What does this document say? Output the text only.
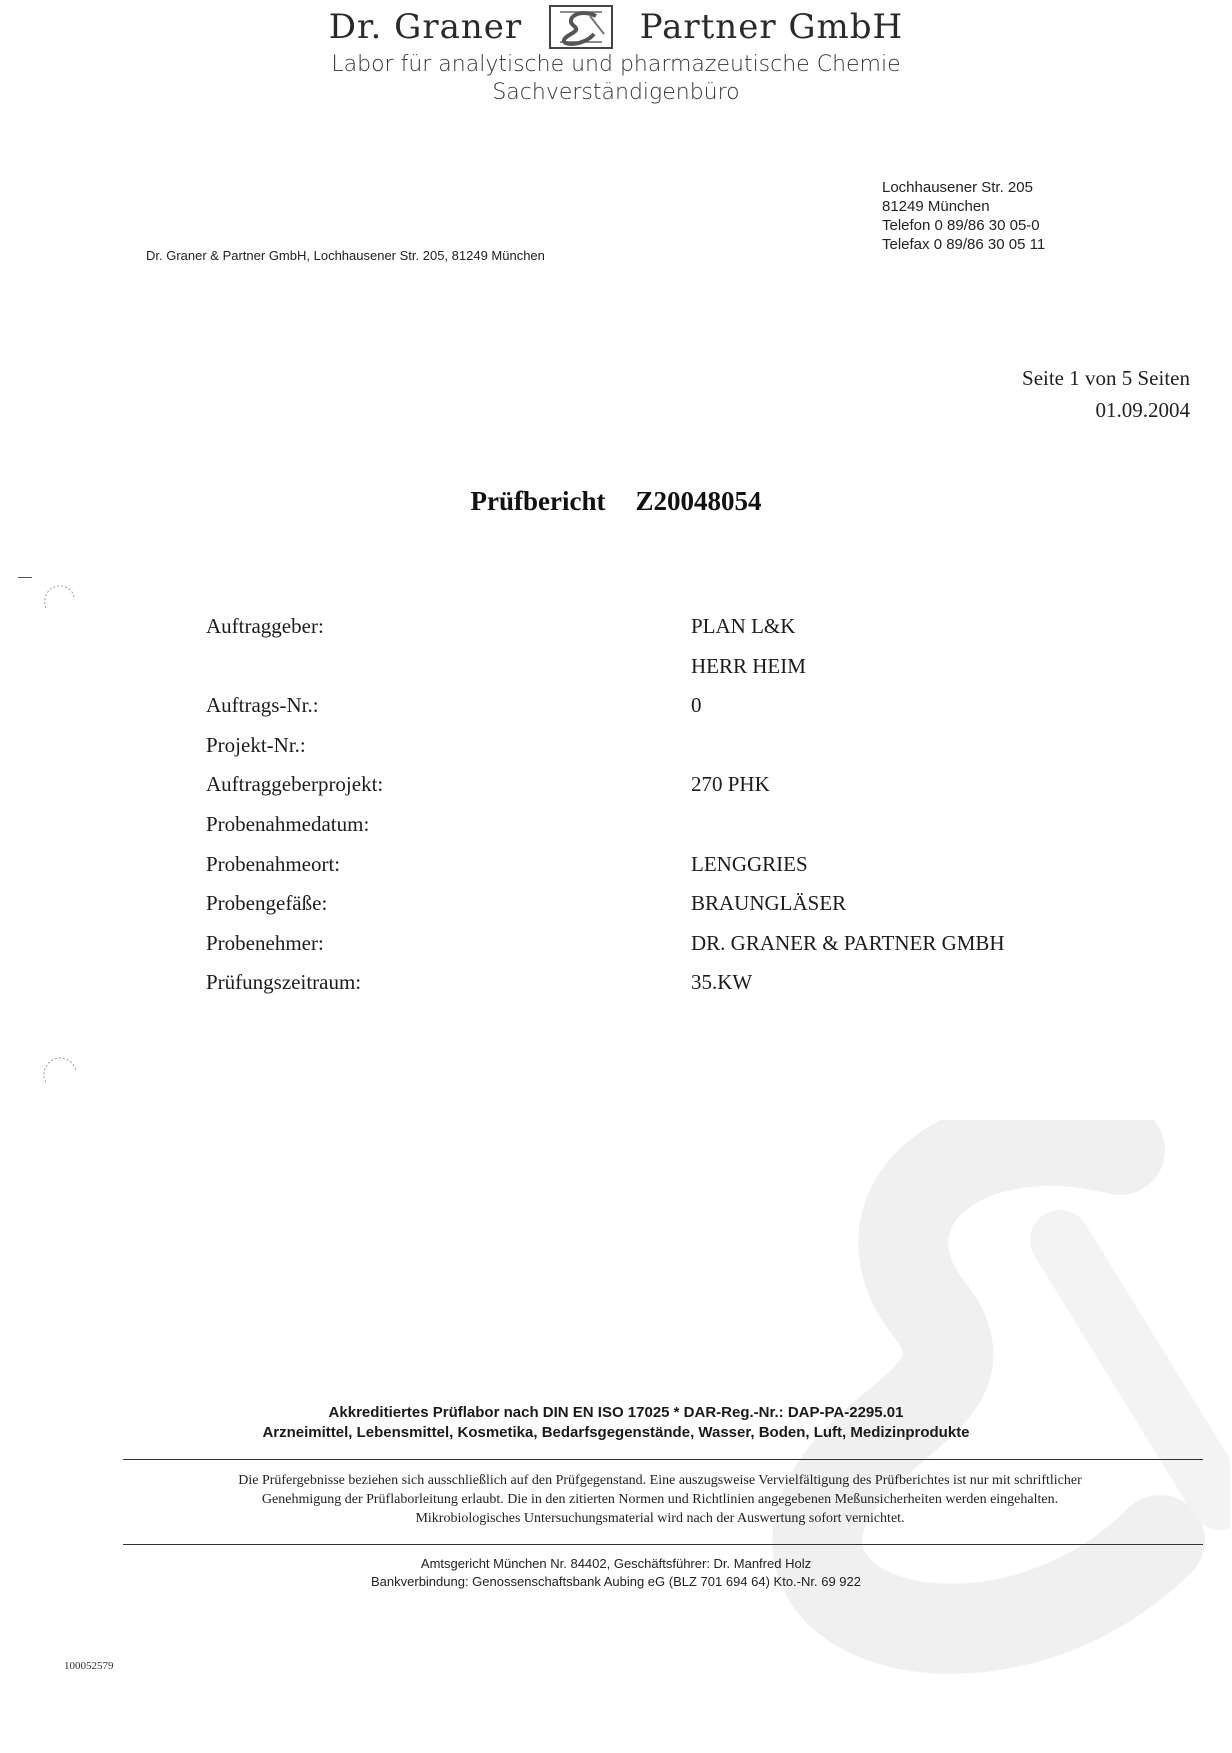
Dr. Graner	Partner GmbH
Labor für analytische und pharmazeutische Chemie
Sachverständigenbüro
Lochhausener Str. 205
81249 München
Telefon 0 89/86 30 05-0
Telefax 0 89/86 30 05 11
Dr. Graner & Partner GmbH, Lochhausener Str. 205, 81249 München
Seite 1 von 5 Seiten
01.09.2004
Prüfbericht Z20048054
Auftraggeber:	PLAN L&K
HERR HEIM
Auftrags-Nr.:	0
Projekt-Nr.:
Auftraggeberprojekt:	270 PHK
Probenahmedatum:
Probenahmeort:	LENGGRIES
Probengefäße:	BRAUNGLÄSER
Probenehmer:	DR. GRANER & PARTNER GMBH
Prüfungszeitraum:	35.KW
Akkreditiertes Prüflabor nach DIN EN ISO 17025 * DAR-Reg.-Nr.: DAP-PA-2295.01
Arzneimittel, Lebensmittel, Kosmetika, Bedarfsgegenstände, Wasser, Boden, Luft, Medizinprodukte
Die Prüfergebnisse beziehen sich ausschließlich auf den Prüfgegenstand. Eine auszugsweise Vervielfältigung des Prüfberichtes ist nur mit schriftlicher
Genehmigung der Prüflaborleitung erlaubt. Die in den zitierten Normen und Richtlinien angegebenen Meßunsicherheiten werden eingehalten.
Mikrobiologisches Untersuchungsmaterial wird nach der Auswertung sofort vernichtet.
Amtsgericht München Nr. 84402, Geschäftsführer: Dr. Manfred Holz
Bankverbindung: Genossenschaftsbank Aubing eG (BLZ 701 694 64) Kto.-Nr. 69 922
100052579
